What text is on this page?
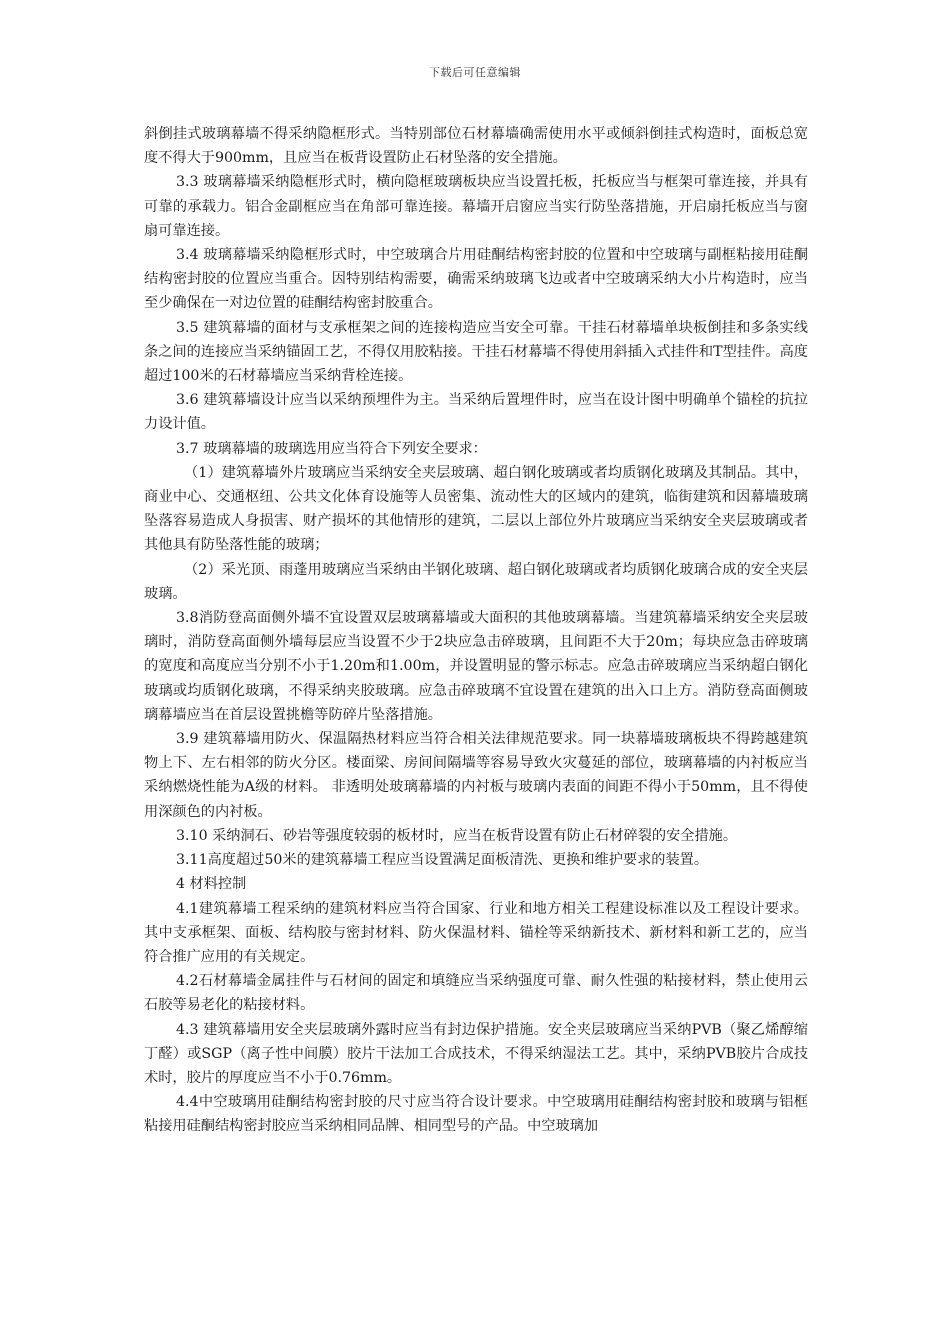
下载后可任意编辑

斜倒挂式玻璃幕墙不得采纳隐框形式。当特别部位石材幕墙确需使用水平或倾斜倒挂式构造时，面板总宽度不得大于900mm，且应当在板背设置防止石材坠落的安全措施。

3.3 玻璃幕墙采纳隐框形式时，横向隐框玻璃板块应当设置托板，托板应当与框架可靠连接，并具有可靠的承载力。铝合金副框应当在角部可靠连接。幕墙开启窗应当实行防坠落措施，开启扇托板应当与窗扇可靠连接。

3.4 玻璃幕墙采纳隐框形式时，中空玻璃合片用硅酮结构密封胶的位置和中空玻璃与副框粘接用硅酮结构密封胶的位置应当重合。因特别结构需要，确需采纳玻璃飞边或者中空玻璃采纳大小片构造时，应当至少确保在一对边位置的硅酮结构密封胶重合。

3.5 建筑幕墙的面材与支承框架之间的连接构造应当安全可靠。干挂石材幕墙单块板倒挂和多条实线条之间的连接应当采纳锚固工艺，不得仅用胶粘接。干挂石材幕墙不得使用斜插入式挂件和T型挂件。高度超过100米的石材幕墙应当采纳背栓连接。

3.6 建筑幕墙设计应当以采纳预埋件为主。当采纳后置埋件时，应当在设计图中明确单个锚栓的抗拉力设计值。

3.7 玻璃幕墙的玻璃选用应当符合下列安全要求：

（1）建筑幕墙外片玻璃应当采纳安全夹层玻璃、超白钢化玻璃或者均质钢化玻璃及其制品。其中，商业中心、交通枢纽、公共文化体育设施等人员密集、流动性大的区域内的建筑，临街建筑和因幕墙玻璃坠落容易造成人身损害、财产损坏的其他情形的建筑，二层以上部位外片玻璃应当采纳安全夹层玻璃或者其他具有防坠落性能的玻璃；

（2）采光顶、雨蓬用玻璃应当采纳由半钢化玻璃、超白钢化玻璃或者均质钢化玻璃合成的安全夹层玻璃。

3.8消防登高面侧外墙不宜设置双层玻璃幕墙或大面积的其他玻璃幕墙。当建筑幕墙采纳安全夹层玻璃时，消防登高面侧外墙每层应当设置不少于2块应急击碎玻璃，且间距不大于20m；每块应急击碎玻璃的宽度和高度应当分别不小于1.20m和1.00m，并设置明显的警示标志。应急击碎玻璃应当采纳超白钢化玻璃或均质钢化玻璃，不得采纳夹胶玻璃。应急击碎玻璃不宜设置在建筑的出入口上方。消防登高面侧玻璃幕墙应当在首层设置挑檐等防碎片坠落措施。

3.9 建筑幕墙用防火、保温隔热材料应当符合相关法律规范要求。同一块幕墙玻璃板块不得跨越建筑物上下、左右相邻的防火分区。楼面梁、房间间隔墙等容易导致火灾蔓延的部位，玻璃幕墙的内衬板应当采纳燃烧性能为A级的材料。 非透明处玻璃幕墙的内衬板与玻璃内表面的间距不得小于50mm，且不得使用深颜色的内衬板。

3.10 采纳洞石、砂岩等强度较弱的板材时，应当在板背设置有防止石材碎裂的安全措施。

3.11高度超过50米的建筑幕墙工程应当设置满足面板清洗、更换和维护要求的装置。

4 材料控制

4.1建筑幕墙工程采纳的建筑材料应当符合国家、行业和地方相关工程建设标准以及工程设计要求。其中支承框架、面板、结构胶与密封材料、防火保温材料、锚栓等采纳新技术、新材料和新工艺的，应当符合推广应用的有关规定。

4.2石材幕墙金属挂件与石材间的固定和填缝应当采纳强度可靠、耐久性强的粘接材料，禁止使用云石胶等易老化的粘接材料。

4.3 建筑幕墙用安全夹层玻璃外露时应当有封边保护措施。安全夹层玻璃应当采纳PVB（聚乙烯醇缩丁醛）或SGP（离子性中间膜）胶片干法加工合成技术，不得采纳湿法工艺。其中，采纳PVB胶片合成技术时，胶片的厚度应当不小于0.76mm。

4.4中空玻璃用硅酮结构密封胶的尺寸应当符合设计要求。中空玻璃用硅酮结构密封胶和玻璃与铝框粘接用硅酮结构密封胶应当采纳相同品牌、相同型号的产品。中空玻璃加
